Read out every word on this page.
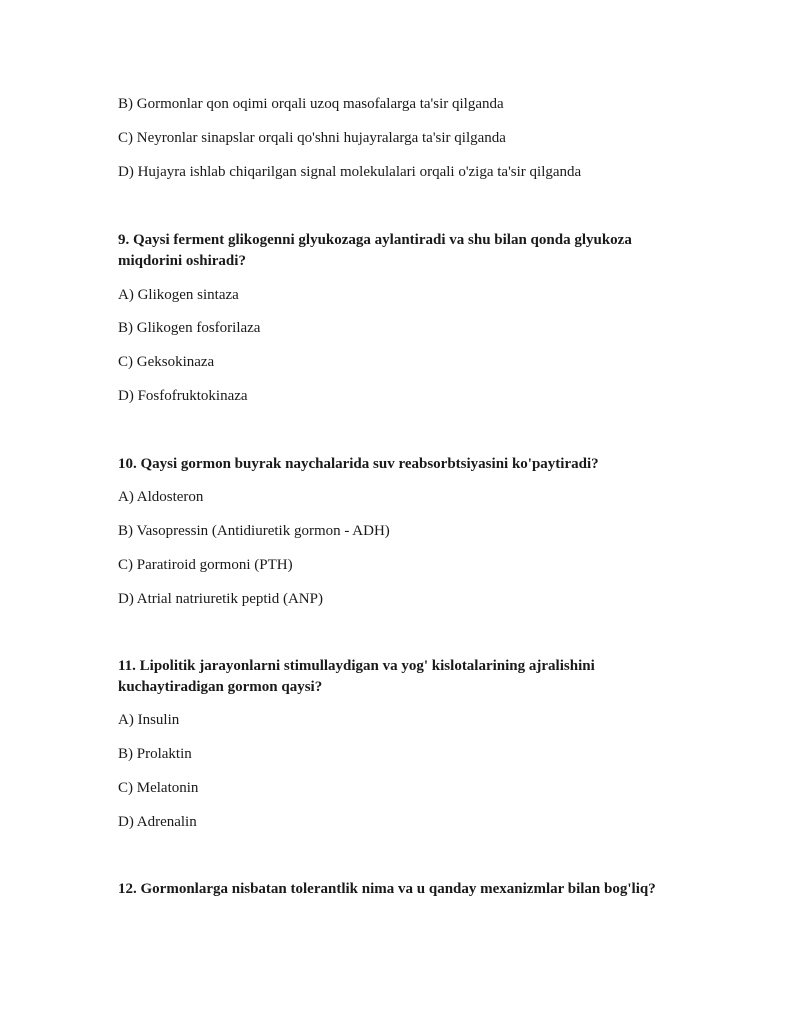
B) Gormonlar qon oqimi orqali uzoq masofalarga ta'sir qilganda
C) Neyronlar sinapslar orqali qo'shni hujayralarga ta'sir qilganda
D) Hujayra ishlab chiqarilgan signal molekulalari orqali o'ziga ta'sir qilganda
9. Qaysi ferment glikogenni glyukozaga aylantiradi va shu bilan qonda glyukoza
miqdorini oshiradi?
A) Glikogen sintaza
B) Glikogen fosforilaza
C) Geksokinaza
D) Fosfofruktokinaza
10. Qaysi gormon buyrak naychalarida suv reabsorbtsiyasini ko'paytiradi?
A) Aldosteron
B) Vasopressin (Antidiuretik gormon - ADH)
C) Paratiroid gormoni (PTH)
D) Atrial natriuretik peptid (ANP)
11. Lipolitik jarayonlarni stimullaydigan va yog' kislotalarining ajralishini
kuchaytiradigan gormon qaysi?
A) Insulin
B) Prolaktin
C) Melatonin
D) Adrenalin
12. Gormonlarga nisbatan tolerantlik nima va u qanday mexanizmlar bilan bog'liq?
